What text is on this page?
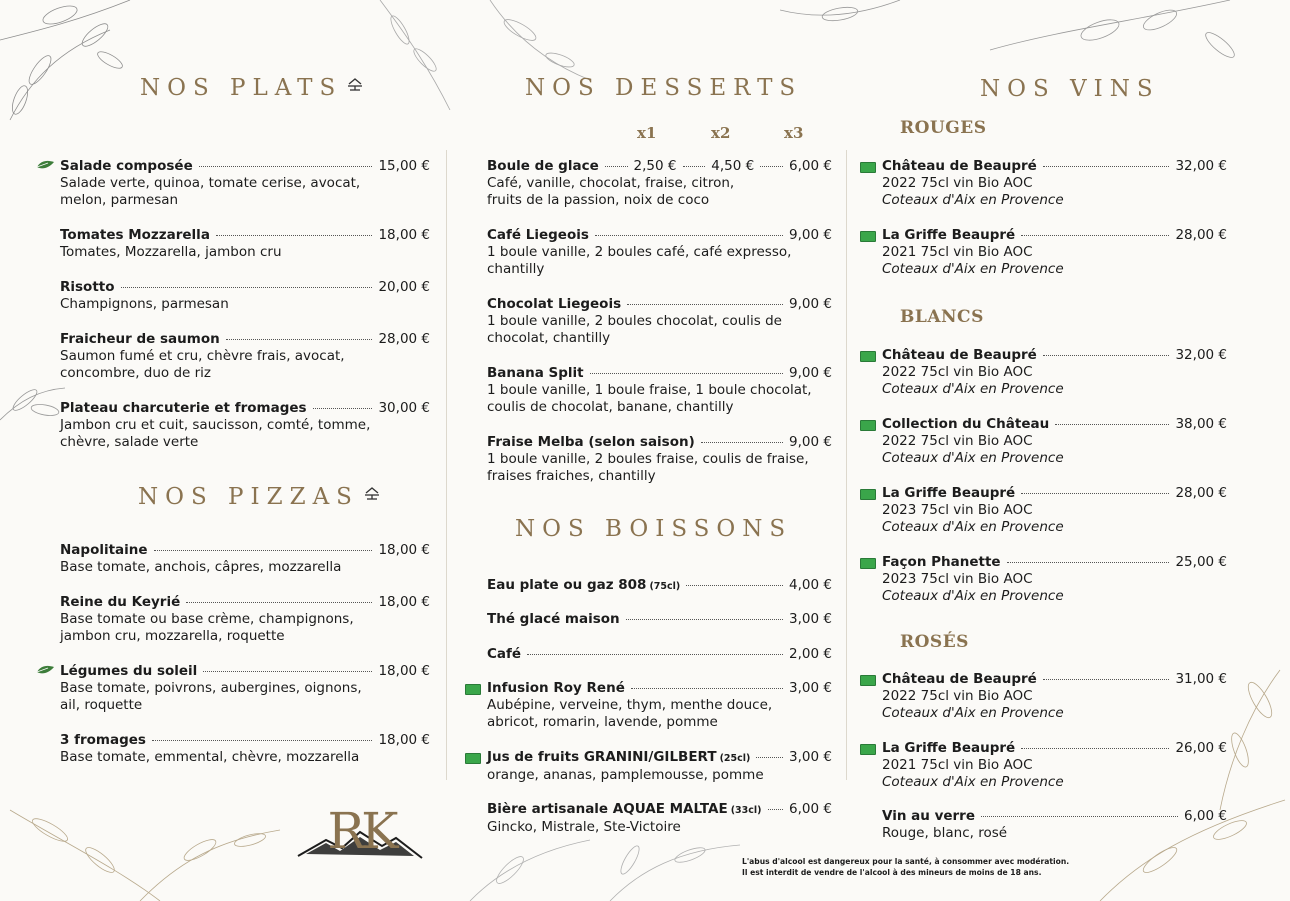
NOS PLATS
Salade composée	15,00 €
Salade verte, quinoa, tomate cerise, avocat,
melon, parmesan
Tomates Mozzarella	18,00 €
Tomates, Mozzarella, jambon cru
Risotto	20,00 €
Champignons, parmesan
Fraicheur de saumon	28,00 €
Saumon fumé et cru, chèvre frais, avocat,
concombre, duo de riz
Plateau charcuterie et fromages	30,00 €
Jambon cru et cuit, saucisson, comté, tomme,
chèvre, salade verte
NOS PIZZAS
Napolitaine	18,00 €
Base tomate, anchois, câpres, mozzarella
Reine du Keyrié	18,00 €
Base tomate ou base crème, champignons,
jambon cru, mozzarella, roquette
Légumes du soleil	18,00 €
Base tomate, poivrons, aubergines, oignons,
ail, roquette
3 fromages	18,00 €
Base tomate, emmental, chèvre, mozzarella
RK
NOS DESSERTS
x1	x2	x3
Boule de glace	2,50 €	4,50 €	6,00 €
Café, vanille, chocolat, fraise, citron,
fruits de la passion, noix de coco
Café Liegeois	9,00 €
1 boule vanille, 2 boules café, café expresso,
chantilly
Chocolat Liegeois	9,00 €
1 boule vanille, 2 boules chocolat, coulis de
chocolat, chantilly
Banana Split	9,00 €
1 boule vanille, 1 boule fraise, 1 boule chocolat,
coulis de chocolat, banane, chantilly
Fraise Melba (selon saison)	9,00 €
1 boule vanille, 2 boules fraise, coulis de fraise,
fraises fraiches, chantilly
NOS BOISSONS
Eau plate ou gaz 808 (75cl)	4,00 €
Thé glacé maison	3,00 €
Café	2,00 €
Infusion Roy René	3,00 €
Aubépine, verveine, thym, menthe douce,
abricot, romarin, lavende, pomme
Jus de fruits GRANINI/GILBERT (25cl)	3,00 €
orange, ananas, pamplemousse, pomme
Bière artisanale AQUAE MALTAE (33cl) 6,00 €
Gincko, Mistrale, Ste-Victoire
NOS VINS
ROUGES
Château de Beaupré	32,00 €
2022 75cl vin Bio AOC
Coteaux d'Aix en Provence
La Griffe Beaupré	28,00 €
2021 75cl vin Bio AOC
Coteaux d'Aix en Provence
BLANCS
Château de Beaupré	32,00 €
2022 75cl vin Bio AOC
Coteaux d'Aix en Provence
Collection du Château	38,00 €
2022 75cl vin Bio AOC
Coteaux d'Aix en Provence
La Griffe Beaupré	28,00 €
2023 75cl vin Bio AOC
Coteaux d'Aix en Provence
Façon Phanette	25,00 €
2023 75cl vin Bio AOC
Coteaux d'Aix en Provence
ROSÉS
Château de Beaupré	31,00 €
2022 75cl vin Bio AOC
Coteaux d'Aix en Provence
La Griffe Beaupré	26,00 €
2021 75cl vin Bio AOC
Coteaux d'Aix en Provence
Vin au verre	6,00 €
Rouge, blanc, rosé
L'abus d'alcool est dangereux pour la santé, à consommer avec modération.
Il est interdit de vendre de l'alcool à des mineurs de moins de 18 ans.
